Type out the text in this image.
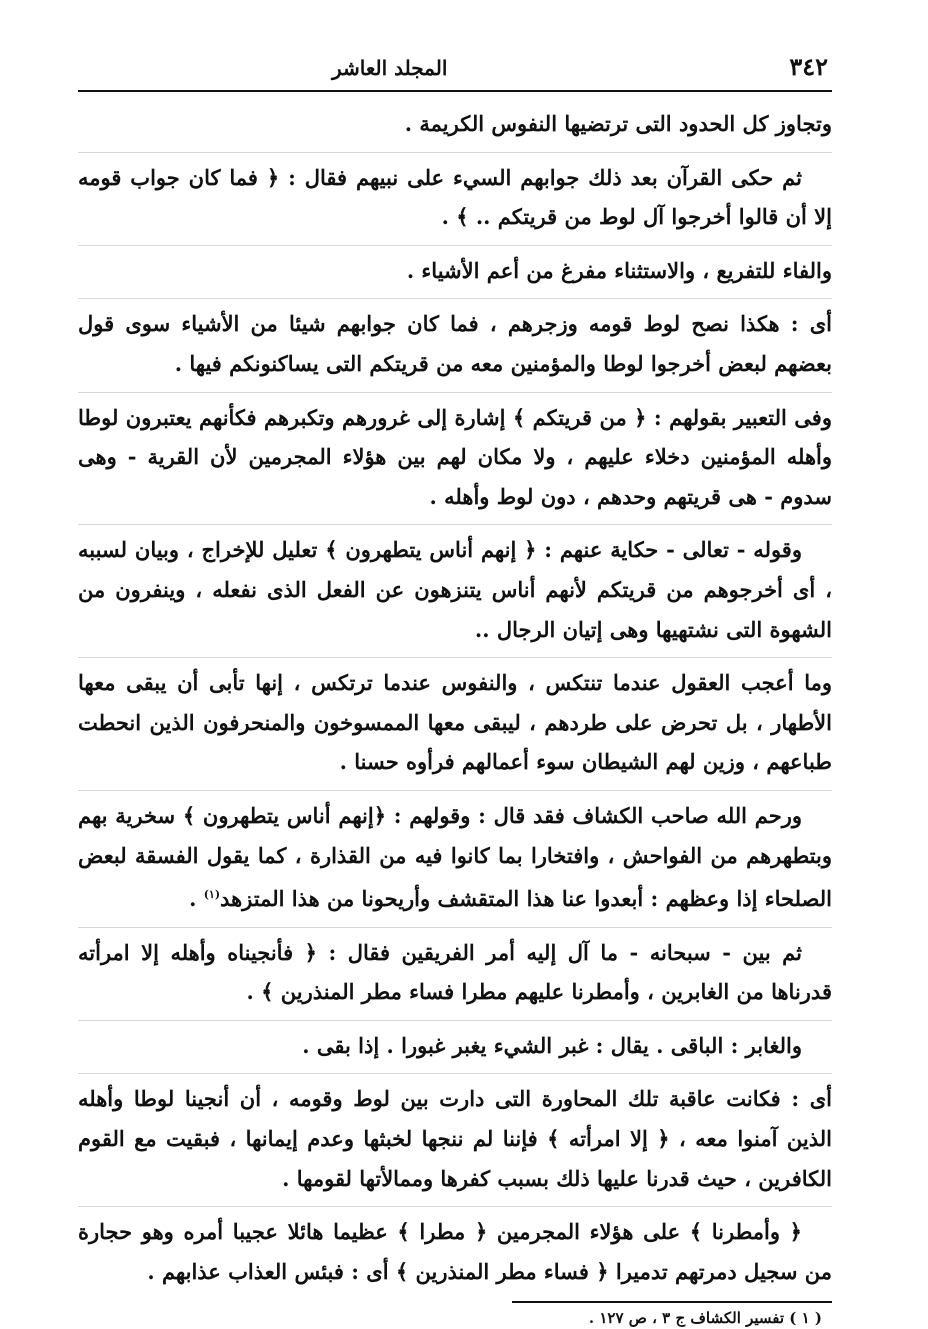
٣٤٢
المجلد العاشر

وتجاوز كل الحدود التى ترتضيها النفوس الكريمة .

ثم حكى القرآن بعد ذلك جوابهم السيء على نبيهم فقال : ﴿ فما كان جواب قومه إلا أن قالوا أخرجوا آل لوط من قريتكم .. ﴾ .

والفاء للتفريع ، والاستثناء مفرغ من أعم الأشياء .

أى : هكذا نصح لوط قومه وزجرهم ، فما كان جوابهم شيئا من الأشياء سوى قول بعضهم لبعض أخرجوا لوطا والمؤمنين معه من قريتكم التى يساكنونكم فيها .

وفى التعبير بقولهم : ﴿ من قريتكم ﴾ إشارة إلى غرورهم وتكبرهم فكأنهم يعتبرون لوطا وأهله المؤمنين دخلاء عليهم ، ولا مكان لهم بين هؤلاء المجرمين لأن القرية - وهى سدوم - هى قريتهم وحدهم ، دون لوط وأهله .

وقوله - تعالى - حكاية عنهم : ﴿ إنهم أناس يتطهرون ﴾ تعليل للإخراج ، وبيان لسببه ، أى أخرجوهم من قريتكم لأنهم أناس يتنزهون عن الفعل الذى نفعله ، وينفرون من الشهوة التى نشتهيها وهى إتيان الرجال ..

وما أعجب العقول عندما تنتكس ، والنفوس عندما ترتكس ، إنها تأبى أن يبقى معها الأطهار ، بل تحرض على طردهم ، ليبقى معها الممسوخون والمنحرفون الذين انحطت طباعهم ، وزين لهم الشيطان سوء أعمالهم فرأوه حسنا .

ورحم الله صاحب الكشاف فقد قال : وقولهم : ﴿إنهم أناس يتطهرون ﴾ سخرية بهم وبتطهرهم من الفواحش ، وافتخارا بما كانوا فيه من القذارة ، كما يقول الفسقة لبعض الصلحاء إذا وعظهم : أبعدوا عنا هذا المتقشف وأريحونا من هذا المتزهد$^{(١)}$ .

ثم بين - سبحانه - ما آل إليه أمر الفريقين فقال : ﴿ فأنجيناه وأهله إلا امرأته قدرناها من الغابرين ، وأمطرنا عليهم مطرا فساء مطر المنذرين ﴾ .

والغابر : الباقى . يقال : غبر الشيء يغبر غبورا . إذا بقى .

أى : فكانت عاقبة تلك المحاورة التى دارت بين لوط وقومه ، أن أنجينا لوطا وأهله الذين آمنوا معه ، ﴿ إلا امرأته ﴾ فإننا لم ننجها لخبثها وعدم إيمانها ، فبقيت مع القوم الكافرين ، حيث قدرنا عليها ذلك بسبب كفرها وممالأتها لقومها .

﴿ وأمطرنا ﴾ على هؤلاء المجرمين ﴿ مطرا ﴾ عظيما هائلا عجيبا أمره وهو حجارة من سجيل دمرتهم تدميرا ﴿ فساء مطر المنذرين ﴾ أى : فبئس العذاب عذابهم .

( ١ ) تفسير الكشاف ج ٣ ، ص ١٢٧ .
